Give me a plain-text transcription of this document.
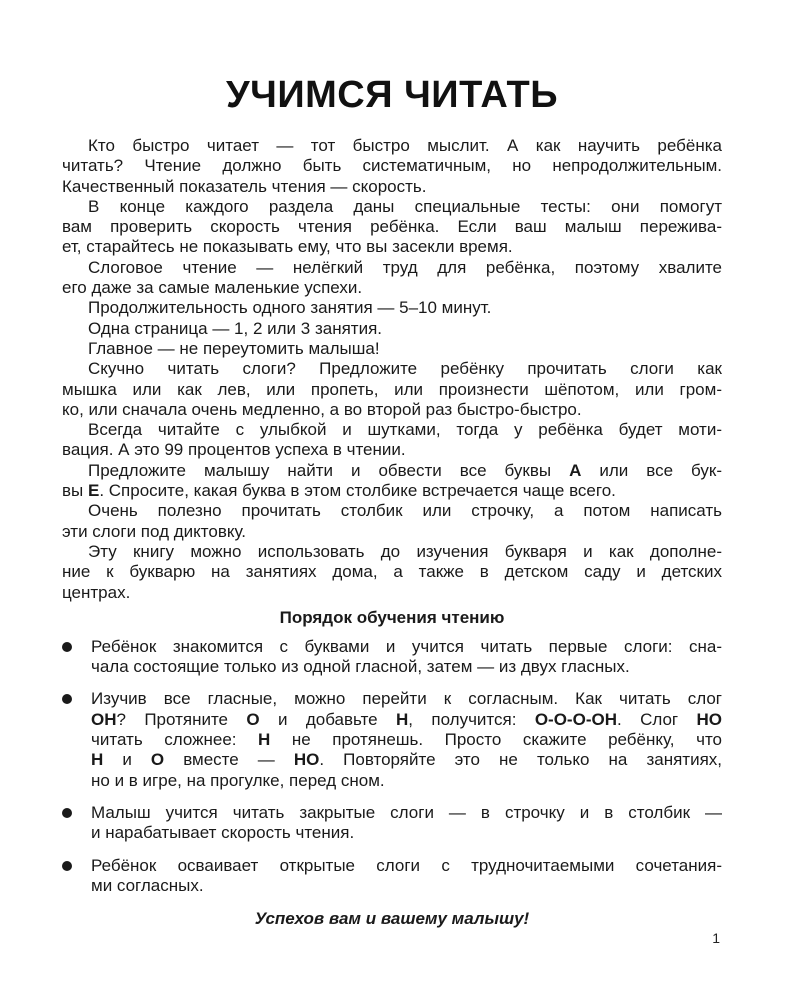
УЧИМСЯ ЧИТАТЬ
Кто быстро читает — тот быстро мыслит. А как научить ребёнка
читать? Чтение должно быть систематичным, но непродолжительным.
Качественный показатель чтения — скорость.
В конце каждого раздела даны специальные тесты: они помогут
вам проверить скорость чтения ребёнка. Если ваш малыш пережива-
ет, старайтесь не показывать ему, что вы засекли время.
Слоговое чтение — нелёгкий труд для ребёнка, поэтому хвалите
его даже за самые маленькие успехи.
Продолжительность одного занятия — 5–10 минут.
Одна страница — 1, 2 или 3 занятия.
Главное — не переутомить малыша!
Скучно читать слоги? Предложите ребёнку прочитать слоги как
мышка или как лев, или пропеть, или произнести шёпотом, или гром-
ко, или сначала очень медленно, а во второй раз быстро-быстро.
Всегда читайте с улыбкой и шутками, тогда у ребёнка будет моти-
вация. А это 99 процентов успеха в чтении.
Предложите малышу найти и обвести все буквы А или все бук-
вы Е. Спросите, какая буква в этом столбике встречается чаще всего.
Очень полезно прочитать столбик или строчку, а потом написать
эти слоги под диктовку.
Эту книгу можно использовать до изучения букваря и как дополне-
ние к букварю на занятиях дома, а также в детском саду и детских
центрах.
Порядок обучения чтению
Ребёнок знакомится с буквами и учится читать первые слоги: сна-
чала состоящие только из одной гласной, затем — из двух гласных.
Изучив все гласные, можно перейти к согласным. Как читать слог
ОН? Протяните О и добавьте Н, получится: О-О-О-ОН. Слог НО
читать сложнее: Н не протянешь. Просто скажите ребёнку, что
Н и О вместе — НО. Повторяйте это не только на занятиях,
но и в игре, на прогулке, перед сном.
Малыш учится читать закрытые слоги — в строчку и в столбик —
и нарабатывает скорость чтения.
Ребёнок осваивает открытые слоги с трудночитаемыми сочетания-
ми согласных.
Успехов вам и вашему малышу!
1
